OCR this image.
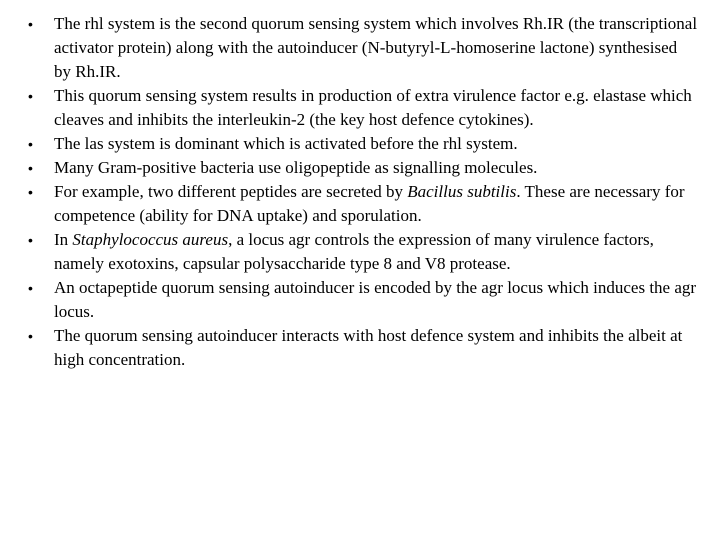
•	The rhl system is the second quorum sensing system which involves Rh.IR (the transcriptional activator protein) along with the autoinducer (N-butyryl-L-homoserine lactone) synthesised by Rh.IR.
•	This quorum sensing system results in production of extra virulence factor e.g. elastase which cleaves and inhibits the interleukin-2 (the key host defence cytokines).
•	The las system is dominant which is activated before the rhl system.
•	Many Gram-positive bacteria use oligopeptide as signalling molecules.
•	For example, two different peptides are secreted by Bacillus subtilis. These are necessary for competence (ability for DNA uptake) and sporulation.
•	In Staphylococcus aureus, a locus agr controls the expression of many virulence factors, namely exotoxins, capsular polysaccharide type 8 and V8 protease.
•	An octapeptide quorum sensing autoinducer is encoded by the agr locus which induces the agr locus.
•	The quorum sensing autoinducer interacts with host defence system and inhibits the albeit at high concentration.
